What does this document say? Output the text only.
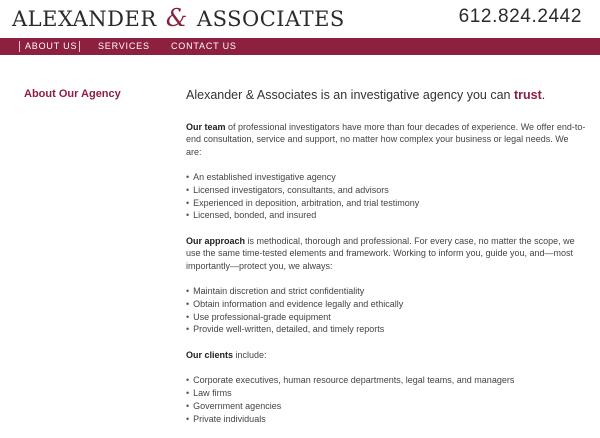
ALEXANDER & ASSOCIATES	612.824.2442
ABOUT US SERVICES CONTACT US
About Our Agency	Alexander & Associates is an investigative agency you can trust.

Our team of professional investigators have more than four decades of experience. We offer end-to-end consultation, service and support, no matter how complex your business or legal needs. We are:

• An established investigative agency
• Licensed investigators, consultants, and advisors
• Experienced in deposition, arbitration, and trial testimony
• Licensed, bonded, and insured

Our approach is methodical, thorough and professional. For every case, no matter the scope, we use the same time-tested elements and framework. Working to inform you, guide you, and—most importantly—protect you, we always:

• Maintain discretion and strict confidentiality
• Obtain information and evidence legally and ethically
• Use professional-grade equipment
• Provide well-written, detailed, and timely reports

Our clients include:

• Corporate executives, human resource departments, legal teams, and managers
• Law firms
• Government agencies
• Private individuals
